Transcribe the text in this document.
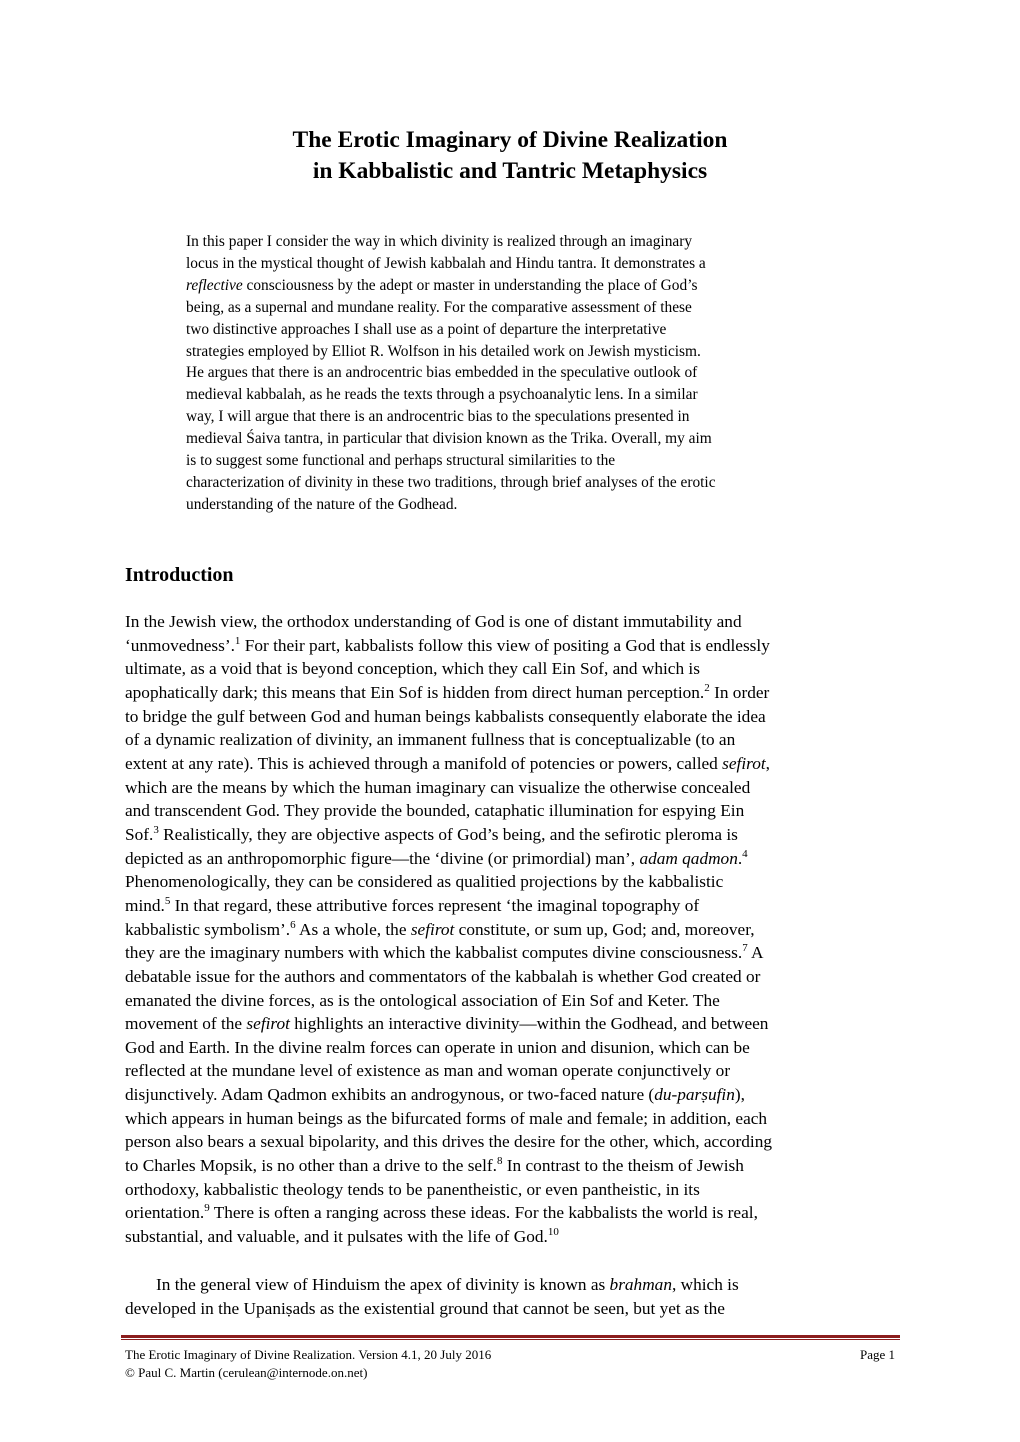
The Erotic Imaginary of Divine Realization
in Kabbalistic and Tantric Metaphysics
In this paper I consider the way in which divinity is realized through an imaginary
locus in the mystical thought of Jewish kabbalah and Hindu tantra. It demonstrates a
reflective consciousness by the adept or master in understanding the place of God’s
being, as a supernal and mundane reality. For the comparative assessment of these
two distinctive approaches I shall use as a point of departure the interpretative
strategies employed by Elliot R. Wolfson in his detailed work on Jewish mysticism.
He argues that there is an androcentric bias embedded in the speculative outlook of
medieval kabbalah, as he reads the texts through a psychoanalytic lens. In a similar
way, I will argue that there is an androcentric bias to the speculations presented in
medieval Śaiva tantra, in particular that division known as the Trika. Overall, my aim
is to suggest some functional and perhaps structural similarities to the
characterization of divinity in these two traditions, through brief analyses of the erotic
understanding of the nature of the Godhead.
Introduction
In the Jewish view, the orthodox understanding of God is one of distant immutability and
‘unmovedness’.$^1$ For their part, kabbalists follow this view of positing a God that is endlessly
ultimate, as a void that is beyond conception, which they call Ein Sof, and which is
apophatically dark; this means that Ein Sof is hidden from direct human perception.$^2$ In order
to bridge the gulf between God and human beings kabbalists consequently elaborate the idea
of a dynamic realization of divinity, an immanent fullness that is conceptualizable (to an
extent at any rate). This is achieved through a manifold of potencies or powers, called sefirot,
which are the means by which the human imaginary can visualize the otherwise concealed
and transcendent God. They provide the bounded, cataphatic illumination for espying Ein
Sof.$^3$ Realistically, they are objective aspects of God’s being, and the sefirotic pleroma is
depicted as an anthropomorphic figure—the ‘divine (or primordial) man’, adam qadmon.$^4$
Phenomenologically, they can be considered as qualitied projections by the kabbalistic
mind.$^5$ In that regard, these attributive forces represent ‘the imaginal topography of
kabbalistic symbolism’.$^6$ As a whole, the sefirot constitute, or sum up, God; and, moreover,
they are the imaginary numbers with which the kabbalist computes divine consciousness.$^7$ A
debatable issue for the authors and commentators of the kabbalah is whether God created or
emanated the divine forces, as is the ontological association of Ein Sof and Keter. The
movement of the sefirot highlights an interactive divinity—within the Godhead, and between
God and Earth. In the divine realm forces can operate in union and disunion, which can be
reflected at the mundane level of existence as man and woman operate conjunctively or
disjunctively. Adam Qadmon exhibits an androgynous, or two-faced nature (du-parṣufin),
which appears in human beings as the bifurcated forms of male and female; in addition, each
person also bears a sexual bipolarity, and this drives the desire for the other, which, according
to Charles Mopsik, is no other than a drive to the self.$^8$ In contrast to the theism of Jewish
orthodoxy, kabbalistic theology tends to be panentheistic, or even pantheistic, in its
orientation.$^9$ There is often a ranging across these ideas. For the kabbalists the world is real,
substantial, and valuable, and it pulsates with the life of God.$^{10}$
In the general view of Hinduism the apex of divinity is known as brahman, which is
developed in the Upaniṣads as the existential ground that cannot be seen, but yet as the
The Erotic Imaginary of Divine Realization. Version 4.1, 20 July 2016	Page 1
© Paul C. Martin (cerulean@internode.on.net)
